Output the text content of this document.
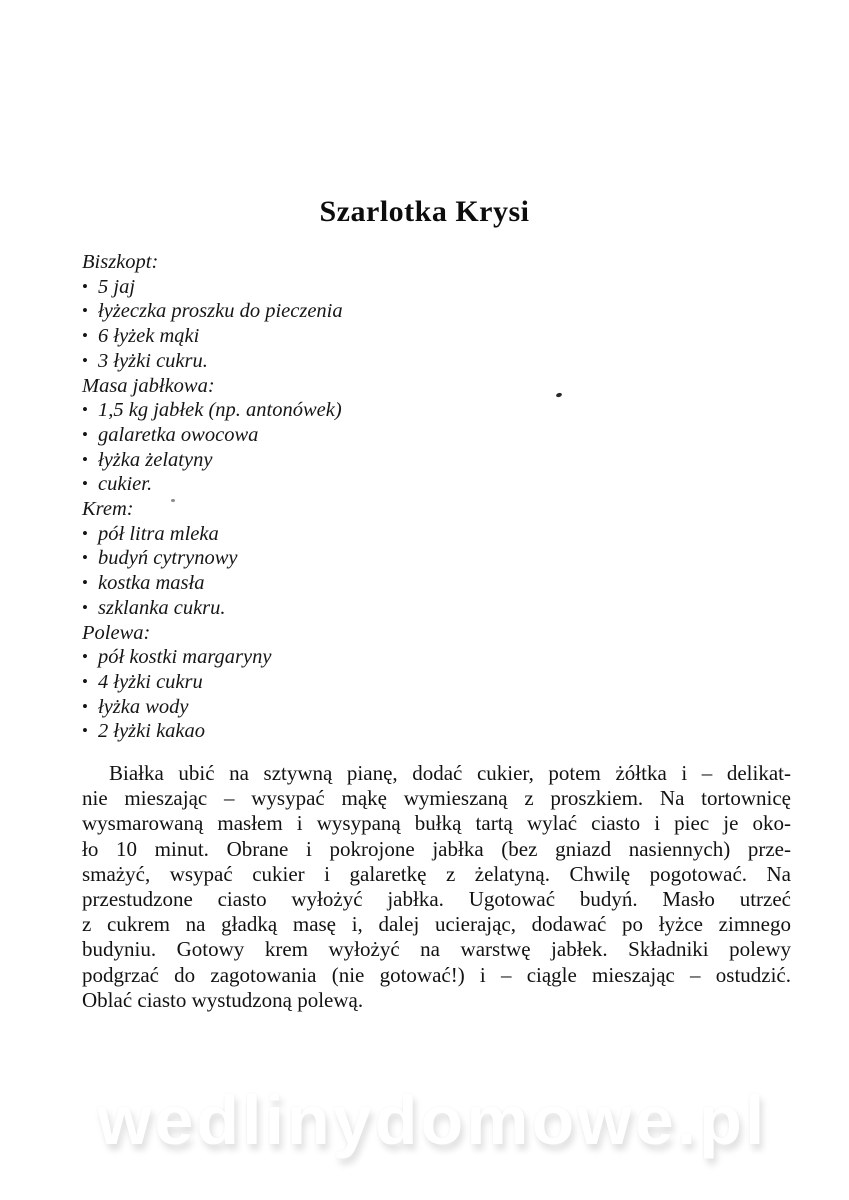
Szarlotka Krysi
Biszkopt:
• 5 jaj
• łyżeczka proszku do pieczenia
• 6 łyżek mąki
• 3 łyżki cukru.
Masa jabłkowa:
• 1,5 kg jabłek (np. antonówek)
• galaretka owocowa
• łyżka żelatyny
• cukier.
Krem:
• pół litra mleka
• budyń cytrynowy
• kostka masła
• szklanka cukru.
Polewa:
• pół kostki margaryny
• 4 łyżki cukru
• łyżka wody
• 2 łyżki kakao
Białka ubić na sztywną pianę, dodać cukier, potem żółtka i – delikat-
nie mieszając – wysypać mąkę wymieszaną z proszkiem. Na tortownicę
wysmarowaną masłem i wysypaną bułką tartą wylać ciasto i piec je oko-
ło 10 minut. Obrane i pokrojone jabłka (bez gniazd nasiennych) prze-
smażyć, wsypać cukier i galaretkę z żelatyną. Chwilę pogotować. Na
przestudzone ciasto wyłożyć jabłka. Ugotować budyń. Masło utrzeć
z cukrem na gładką masę i, dalej ucierając, dodawać po łyżce zimnego
budyniu. Gotowy krem wyłożyć na warstwę jabłek. Składniki polewy
podgrzać do zagotowania (nie gotować!) i – ciągle mieszając – ostudzić.
Oblać ciasto wystudzoną polewą.
wedlinydomowe.pl
